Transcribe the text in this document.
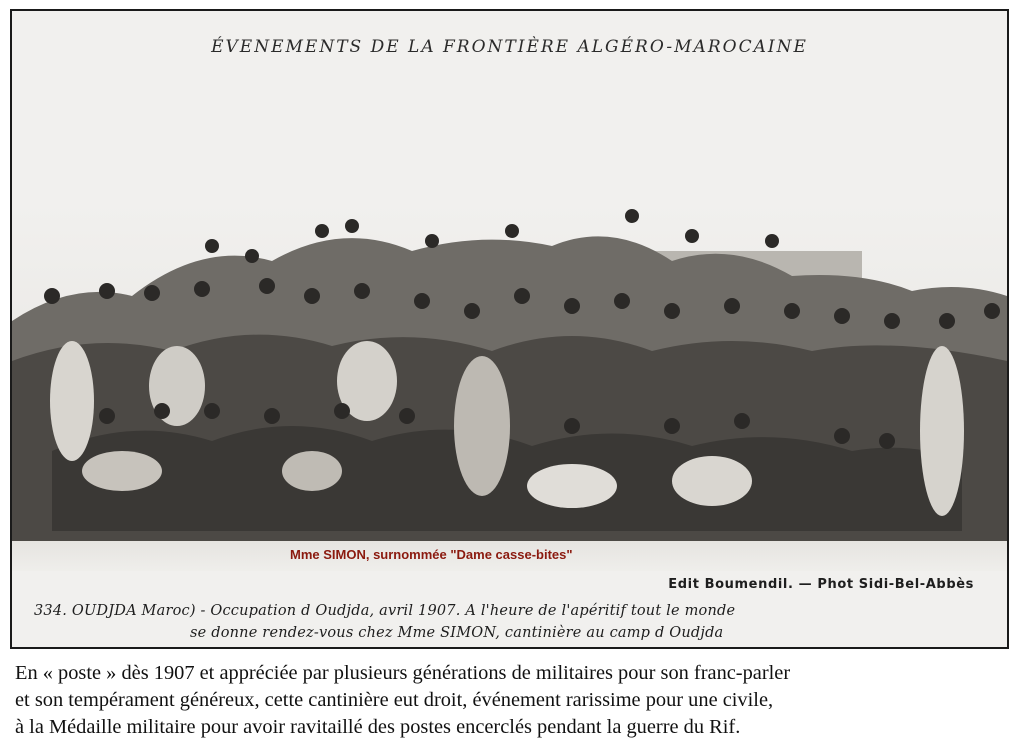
ÉVENEMENTS DE LA FRONTIÈRE ALGÉRO-MAROCAINE
Mme SIMON, surnommée "Dame casse-bites"
Edit Boumendil. — Phot Sidi-Bel-Abbès
334. OUDJDA Maroc) - Occupation d Oudjda, avril 1907. A l'heure de l'apéritif tout le monde
se donne rendez-vous chez Mme SIMON, cantinière au camp d Oudjda
En « poste » dès 1907 et appréciée par plusieurs générations de militaires pour son franc-parler
et son tempérament généreux, cette cantinière eut droit, événement rarissime pour une civile,
à la Médaille militaire pour avoir ravitaillé des postes encerclés pendant la guerre du Rif.
